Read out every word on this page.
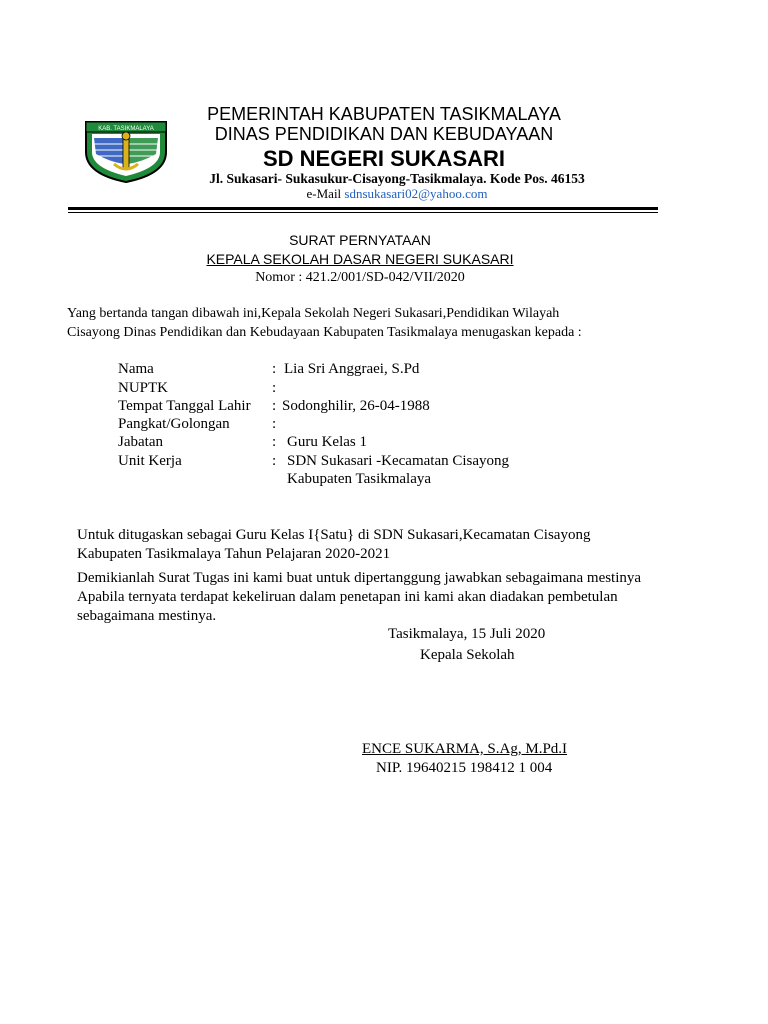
KAB. TASIKMALAYA
PEMERINTAH KABUPATEN TASIKMALAYA
DINAS PENDIDIKAN DAN KEBUDAYAAN
SD NEGERI SUKASARI
Jl. Sukasari- Sukasukur-Cisayong-Tasikmalaya. Kode Pos. 46153
e-Mail sdnsukasari02@yahoo.com
SURAT PERNYATAAN
KEPALA SEKOLAH DASAR NEGERI SUKASARI
Nomor : 421.2/001/SD-042/VII/2020
Yang bertanda tangan dibawah ini,Kepala Sekolah Negeri Sukasari,Pendidikan Wilayah
Cisayong Dinas Pendidikan dan Kebudayaan Kabupaten Tasikmalaya menugaskan kepada :
Nama	: Lia Sri Anggraei, S.Pd
NUPTK	:
Tempat Tanggal Lahir : Sodonghilir, 26-04-1988
Pangkat/Golongan	:
Jabatan	: Guru Kelas 1
Unit Kerja	: SDN Sukasari -Kecamatan Cisayong
Kabupaten Tasikmalaya
Untuk ditugaskan sebagai Guru Kelas I{Satu} di SDN Sukasari,Kecamatan Cisayong
Kabupaten Tasikmalaya Tahun Pelajaran 2020-2021
Demikianlah Surat Tugas ini kami buat untuk dipertanggung jawabkan sebagaimana mestinya
Apabila ternyata terdapat kekeliruan dalam penetapan ini kami akan diadakan pembetulan
sebagaimana mestinya.
Tasikmalaya, 15 Juli 2020
Kepala Sekolah
ENCE SUKARMA, S.Ag, M.Pd.I
NIP. 19640215 198412 1 004
